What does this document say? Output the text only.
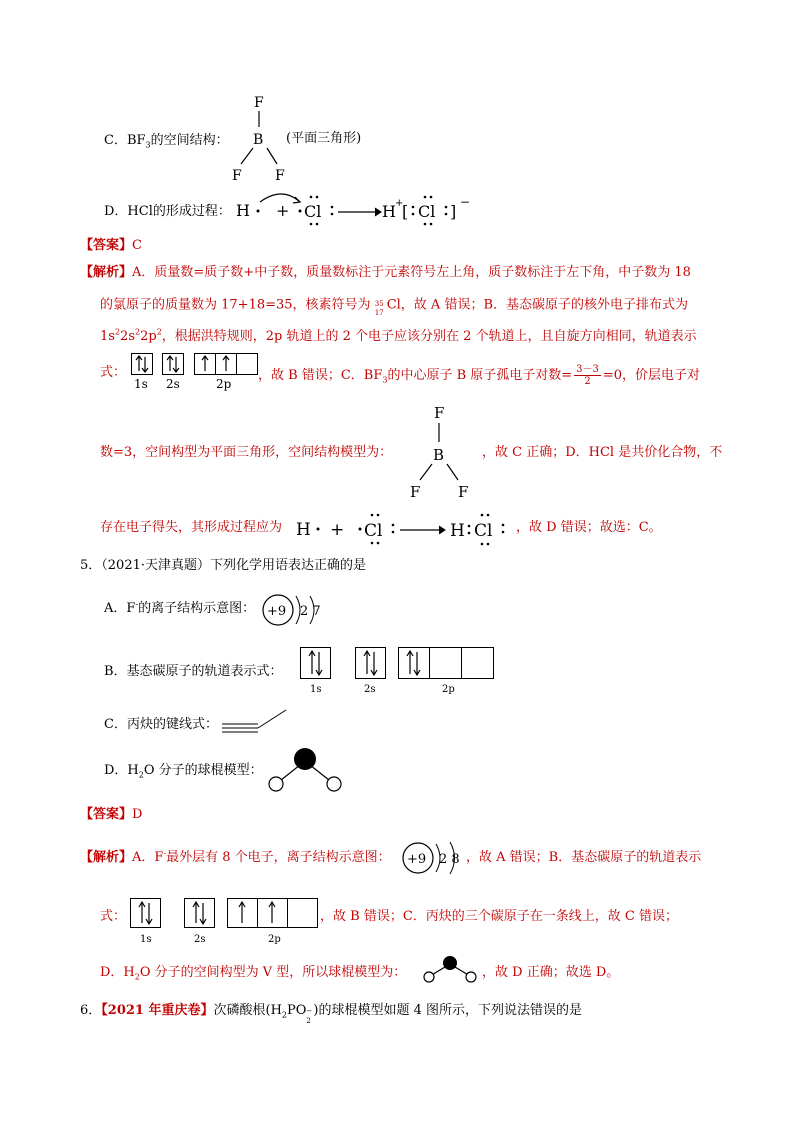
C．$BF_3$的空间结构：
F
B
F F
(平面三角形)
D．HCl的形成过程： H + Cl	H +
[ Cl ] −
【答案】C
【解析】A．质量数=质子数+中子数，质量数标注于元素符号左上角，质子数标注于左下角，中子数为 18
的氯原子的质量数为 17+18=35，核素符号为 35
17
Cl，故 A 错误；B．基态碳原子的核外电子排布式为
$1s^22s^22p^2$，根据洪特规则，2p 轨道上的 2 个电子应该分别在 2 个轨道上，且自旋方向相同，轨道表示
式：
1s 2s	2p
，故 B 错误；C．$BF_3$的中心原子 B 原子孤电子对数= $\frac{3-3}{2} =0$，价层电子对
数=3，空间构型为平面三角形，空间结构模型为：
F
B
F	F
，故 C 正确；D．HCl 是共价化合物，不
存在电子得失，其形成过程应为 H + Cl	H Cl ，故 D 错误；故选：C。
5．（2021·天津真题）下列化学用语表达正确的是
A．F-的离子结构示意图： +9 2 7
B．基态碳原子的轨道表示式：
1s	2s	2p
C．丙炔的键线式：
D．$H_2O$ 分子的球棍模型：
【答案】D
【解析】A．F-最外层有 8 个电子，离子结构示意图： +9 2 8 ，故 A 错误；B．基态碳原子的轨道表示
式：
1s	2s	2p
，故 B 错误；C．丙炔的三个碳原子在一条线上，故 C 错误；
D．$H_2O$ 分子的空间构型为 V 型，所以球棍模型为：	，故 D 正确；故选 D。
6．【2021 年重庆卷】次磷酸根($H_2PO$ −
2
)的球棍模型如题 4 图所示，下列说法错误的是
